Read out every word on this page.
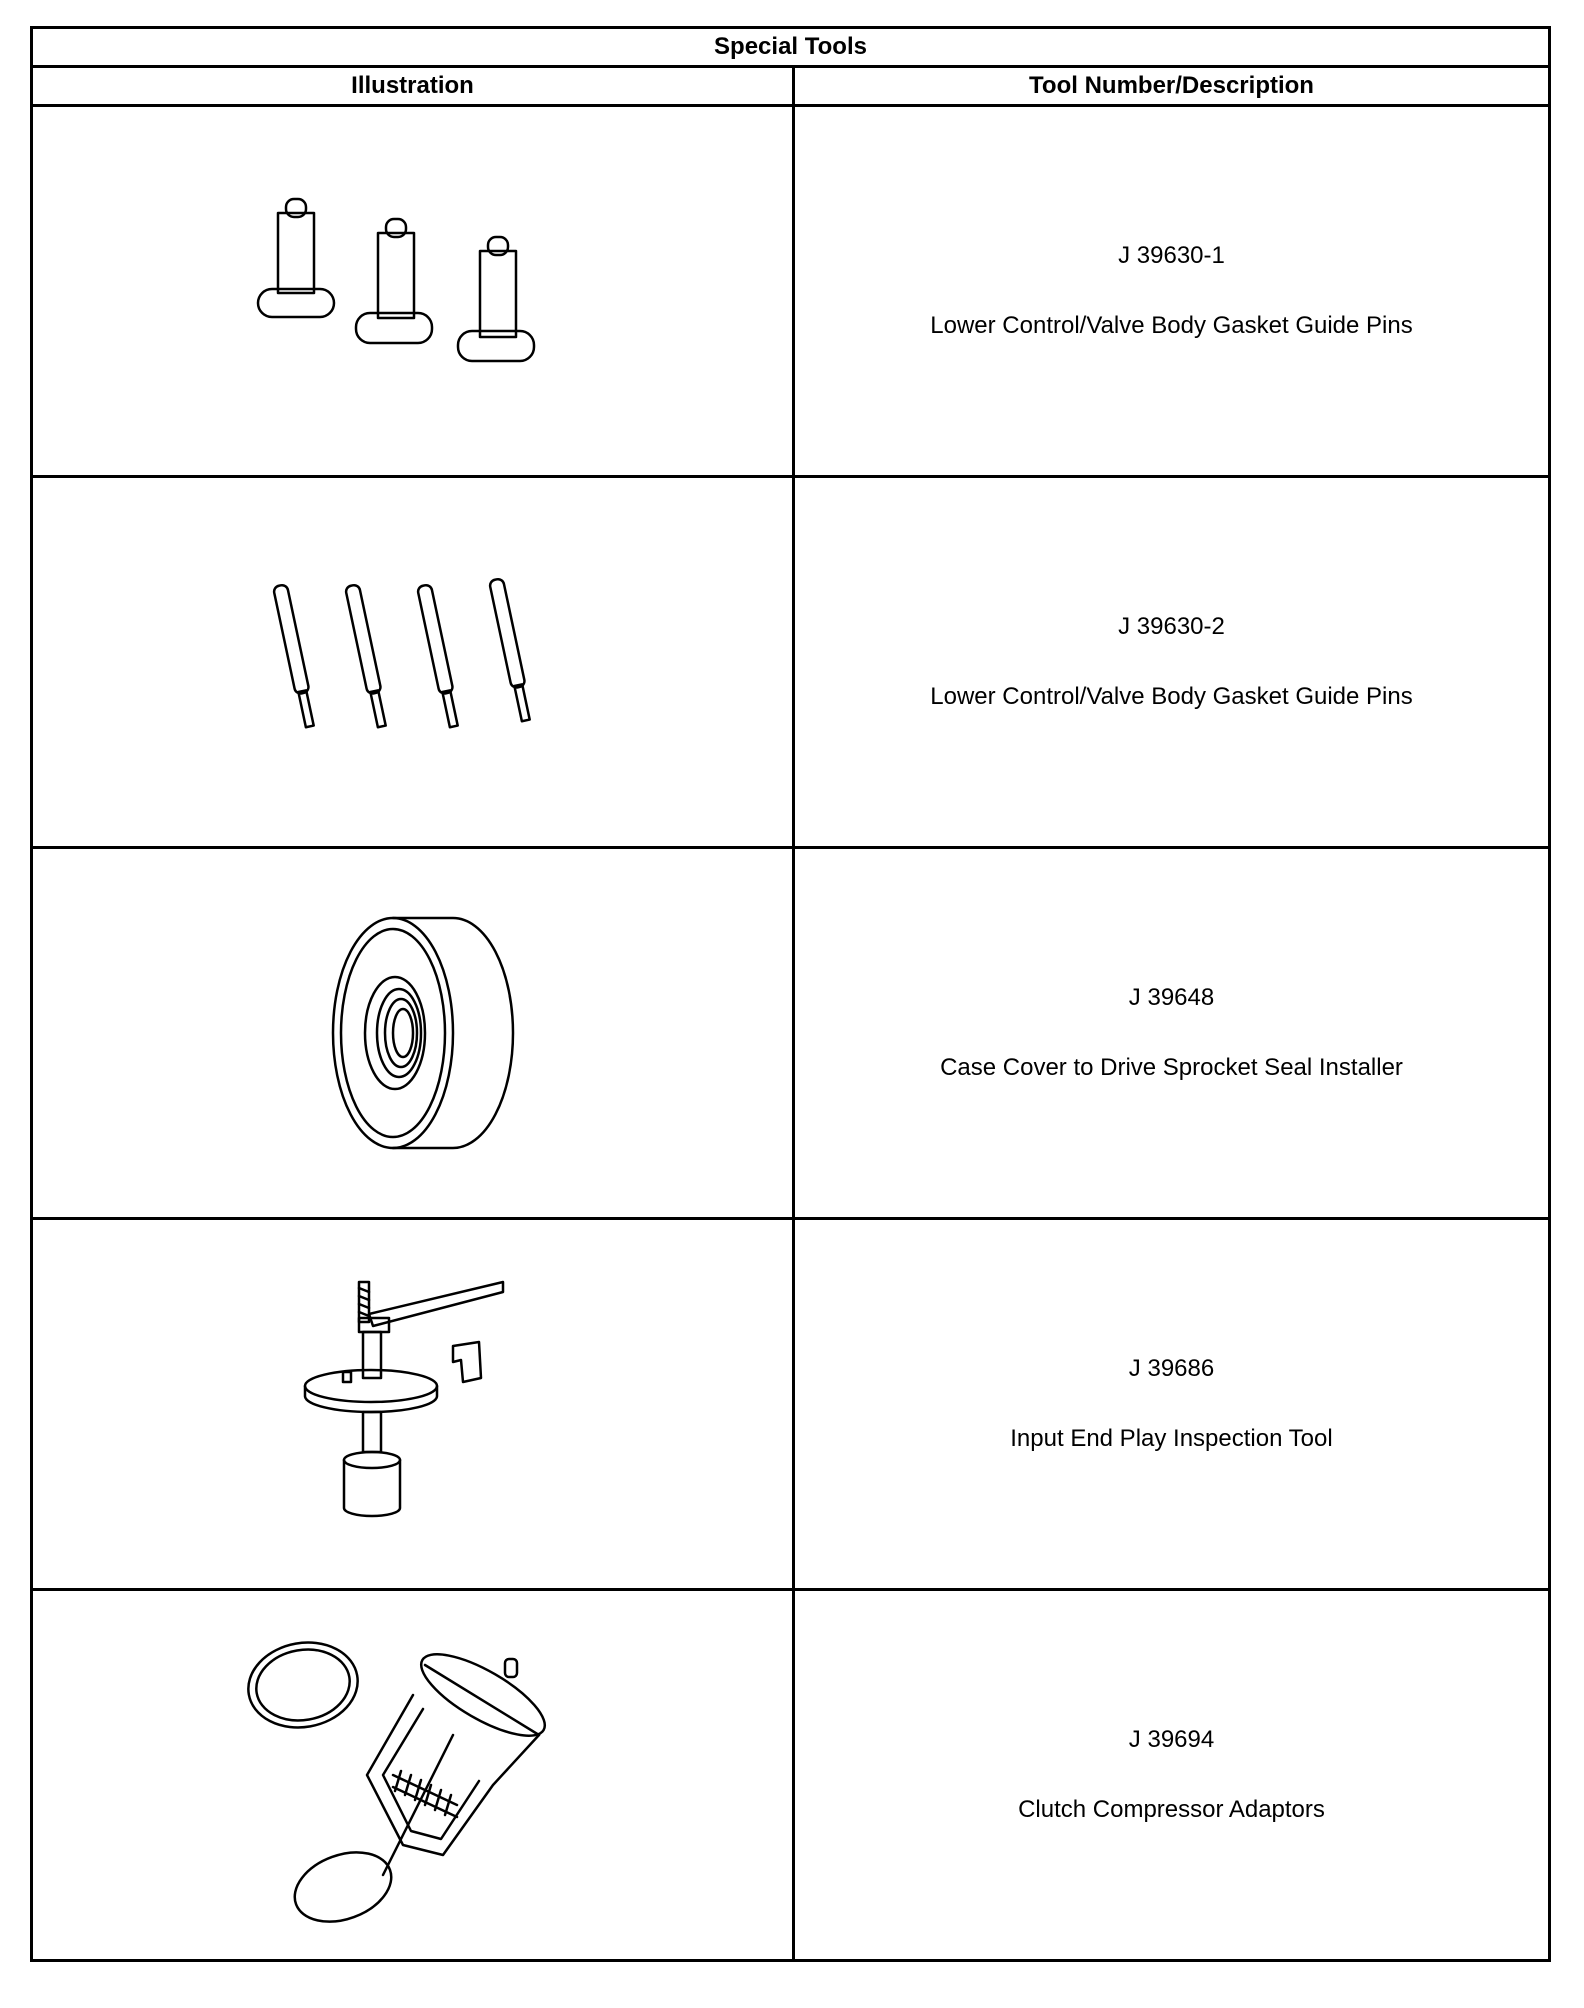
Special Tools	
Illustration	Tool Number/Description

J 39630-1
Lower Control/Valve Body Gasket Guide Pins

J 39630-2
Lower Control/Valve Body Gasket Guide Pins

J 39648
Case Cover to Drive Sprocket Seal Installer

J 39686
Input End Play Inspection Tool

J 39694
Clutch Compressor Adaptors
